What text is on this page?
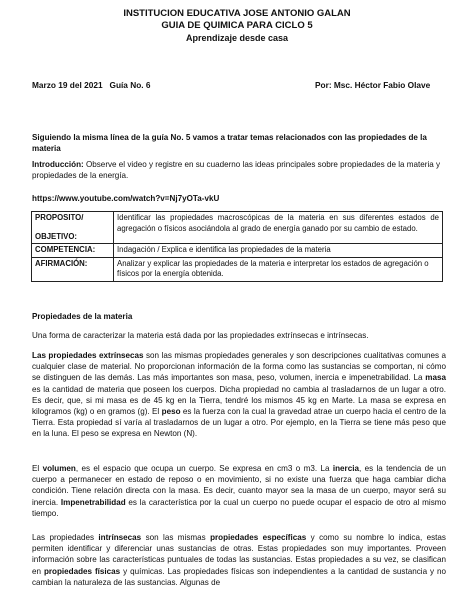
INSTITUCION EDUCATIVA JOSE ANTONIO GALAN
GUIA DE QUIMICA PARA CICLO 5
Aprendizaje desde casa
Marzo 19 del 2021 Guía No. 6	Por: Msc. Héctor Fabio Olave
Siguiendo la misma línea de la guía No. 5 vamos a tratar temas relacionados con las propiedades de la materia
Introducción: Observe el video y registre en su cuaderno las ideas principales sobre propiedades de la materia y propiedades de la energía.
https://www.youtube.com/watch?v=Nj7yOTa-vkU
PROPOSITO/
OBJETIVO:	Identificar las propiedades macroscópicas de la materia en sus diferentes estados de agregación o físicos asociándola al grado de energía ganado por su cambio de estado.
COMPETENCIA:	Indagación / Explica e identifica las propiedades de la materia
AFIRMACIÓN:	Analizar y explicar las propiedades de la materia e interpretar los estados de agregación o físicos por la energía obtenida.
Propiedades de la materia
Una forma de caracterizar la materia está dada por las propiedades extrínsecas e intrínsecas.
Las propiedades extrínsecas son las mismas propiedades generales y son descripciones cualitativas comunes a cualquier clase de material. No proporcionan información de la forma como las sustancias se comportan, ni cómo se distinguen de las demás. Las más importantes son masa, peso, volumen, inercia e impenetrabilidad. La masa es la cantidad de materia que poseen los cuerpos. Dicha propiedad no cambia al trasladarnos de un lugar a otro. Es decir, que, si mi masa es de 45 kg en la Tierra, tendré los mismos 45 kg en Marte. La masa se expresa en kilogramos (kg) o en gramos (g). El peso es la fuerza con la cual la gravedad atrae un cuerpo hacia el centro de la Tierra. Esta propiedad sí varía al trasladarnos de un lugar a otro. Por ejemplo, en la Tierra se tiene más peso que en la luna. El peso se expresa en Newton (N).
El volumen, es el espacio que ocupa un cuerpo. Se expresa en cm3 o m3. La inercia, es la tendencia de un cuerpo a permanecer en estado de reposo o en movimiento, si no existe una fuerza que haga cambiar dicha condición. Tiene relación directa con la masa. Es decir, cuanto mayor sea la masa de un cuerpo, mayor será su inercia. Impenetrabilidad es la característica por la cual un cuerpo no puede ocupar el espacio de otro al mismo tiempo.
Las propiedades intrínsecas son las mismas propiedades específicas y como su nombre lo indica, estas permiten identificar y diferenciar unas sustancias de otras. Estas propiedades son muy importantes. Proveen información sobre las características puntuales de todas las sustancias. Estas propiedades a su vez, se clasifican en propiedades físicas y químicas. Las propiedades físicas son independientes a la cantidad de sustancia y no cambian la naturaleza de las sustancias. Algunas de
